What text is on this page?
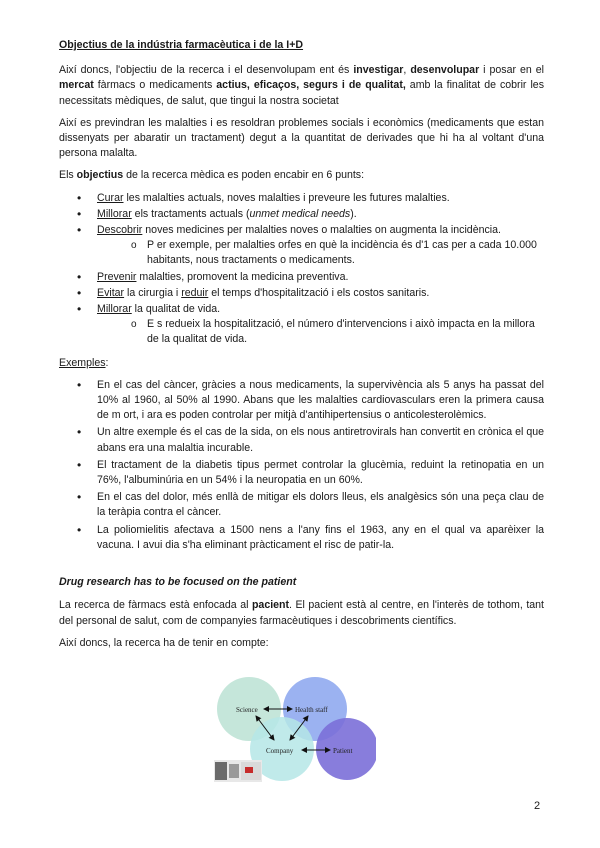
Objectius de la indústria farmacèutica i de la I+D

Així doncs, l'objectiu de la recerca i el desenvolupam ent és investigar, desenvolupar i posar en el mercat fàrmacs o medicaments actius, eficaços, segurs i de qualitat, amb la finalitat de cobrir les necessitats mèdiques, de salut, que tingui la nostra societat

Així es previndran les malalties i es resoldran problemes socials i econòmics (medicaments que estan dissenyats per abaratir un tractament) degut a la quantitat de derivades que hi ha al voltant d'una persona malalta.

Els objectius de la recerca mèdica es poden encabir en 6 punts:

• Curar les malalties actuals, noves malalties i preveure les futures malalties.
• Millorar els tractaments actuals (unmet medical needs).
• Descobrir noves medicines per malalties noves o malalties on augmenta la incidència.
o P er exemple, per malalties orfes en què la incidència és d'1 cas per a cada 10.000 habitants, nous tractaments o medicaments.
• Prevenir malalties, promovent la medicina preventiva.
• Evitar la cirurgia i reduir el temps d'hospitalització i els costos sanitaris.
• Millorar la qualitat de vida.
o E s redueix la hospitalització, el número d'intervencions i això impacta en la millora de la qualitat de vida.

Exemples:

• En el cas del càncer, gràcies a nous medicaments, la supervivència als 5 anys ha passat del 10% al 1960, al 50% al 1990. Abans que les malalties cardiovasculars eren la primera causa de m ort, i ara es poden controlar per mitjà d'antihipertensius o anticolesterolèmics.
• Un altre exemple és el cas de la sida, on els nous antiretrovirals han convertit en crònica el que abans era una malaltia incurable.
• El tractament de la diabetis tipus permet controlar la glucèmia, reduint la retinopatia en un 76%, l'albuminúria en un 54% i la neuropatia en un 60%.
• En el cas del dolor, més enllà de mitigar els dolors lleus, els analgèsics són una peça clau de la teràpia contra el càncer.
• La poliomielitis afectava a 1500 nens a l'any fins el 1963, any en el qual va aparèixer la vacuna. I avui dia s'ha eliminant pràcticament el risc de patir-la.

Drug research has to be focused on the patient

La recerca de fàrmacs està enfocada al pacient. El pacient està al centre, en l'interès de tothom, tant del personal de salut, com de companyies farmacèutiques i descobriments científics.

Així doncs, la recerca ha de tenir en compte:

Science	Health staff
Company	Patient
2
